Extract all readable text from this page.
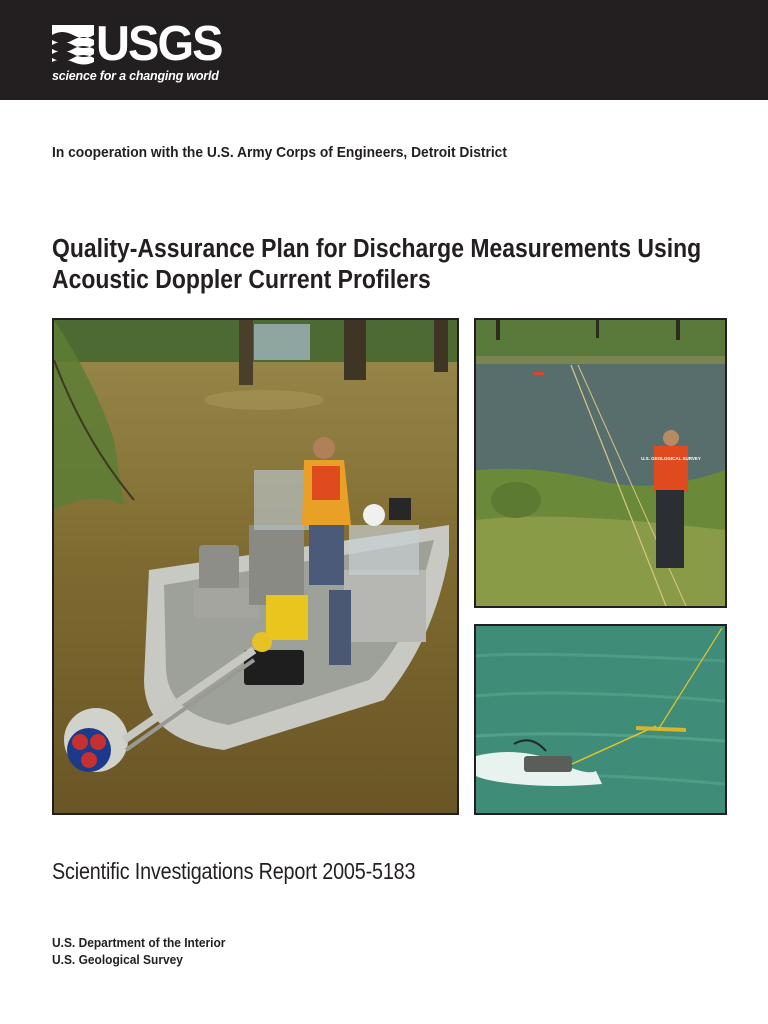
USGS
science for a changing world
In cooperation with the U.S. Army Corps of Engineers, Detroit District
Quality-Assurance Plan for Discharge Measurements Using
Acoustic Doppler Current Profilers
U.S. GEOLOGICAL SURVEY
Scientific Investigations Report 2005-5183
U.S. Department of the Interior
U.S. Geological Survey
